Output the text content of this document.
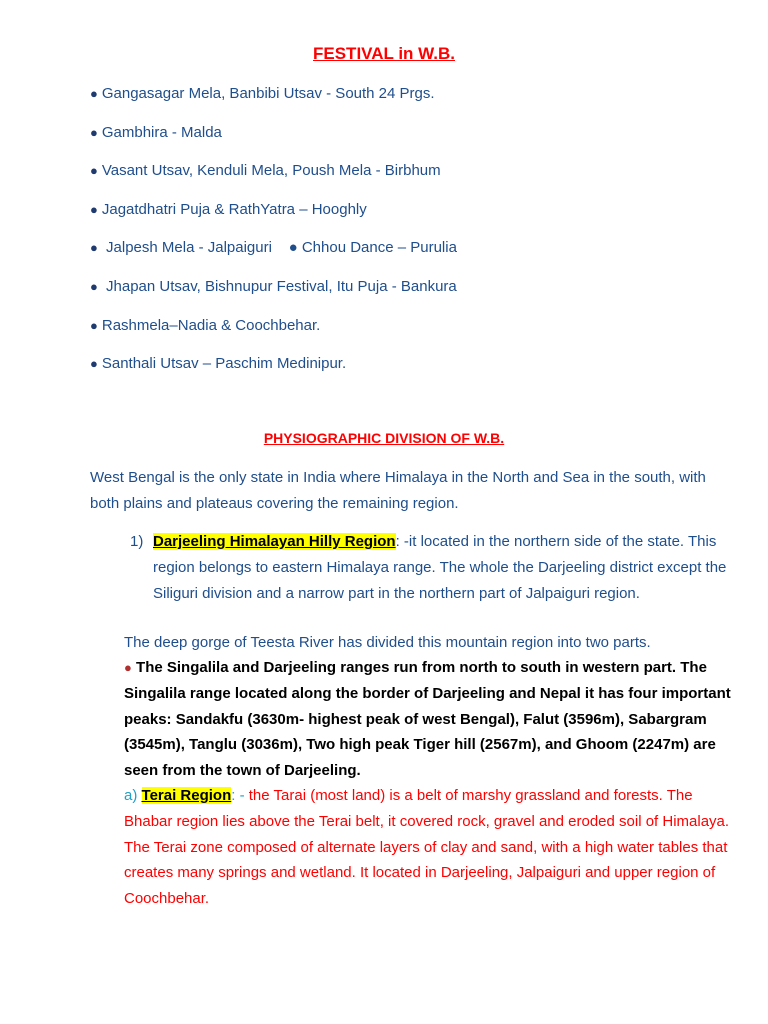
FESTIVAL in W.B.
● Gangasagar Mela, Banbibi Utsav - South 24 Prgs.
● Gambhira - Malda
● Vasant Utsav, Kenduli Mela, Poush Mela - Birbhum
● Jagatdhatri Puja & RathYatra – Hooghly
● Jalpesh Mela - Jalpaiguri    ● Chhou Dance – Purulia
● Jhapan Utsav, Bishnupur Festival, Itu Puja - Bankura
● Rashmela–Nadia & Coochbehar.
● Santhali Utsav – Paschim Medinipur.
PHYSIOGRAPHIC DIVISION OF W.B.

West Bengal is the only state in India where Himalaya in the North and Sea in the south, with both plains and plateaus covering the remaining region.

1) Darjeeling Himalayan Hilly Region: -it located in the northern side of the state. This region belongs to eastern Himalaya range. The whole the Darjeeling district except the Siliguri division and a narrow part in the northern part of Jalpaiguri region.

The deep gorge of Teesta River has divided this mountain region into two parts.

● The Singalila and Darjeeling ranges run from north to south in western part. The Singalila range located along the border of Darjeeling and Nepal it has four important peaks: Sandakfu (3630m- highest peak of west Bengal), Falut (3596m), Sabargram (3545m), Tanglu (3036m), Two high peak Tiger hill (2567m), and Ghoom (2247m) are seen from the town of Darjeeling.

a) Terai Region: - the Tarai (most land) is a belt of marshy grassland and forests. The Bhabar region lies above the Terai belt, it covered rock, gravel and eroded soil of Himalaya. The Terai zone composed of alternate layers of clay and sand, with a high water tables that creates many springs and wetland. It located in Darjeeling, Jalpaiguri and upper region of Coochbehar.
